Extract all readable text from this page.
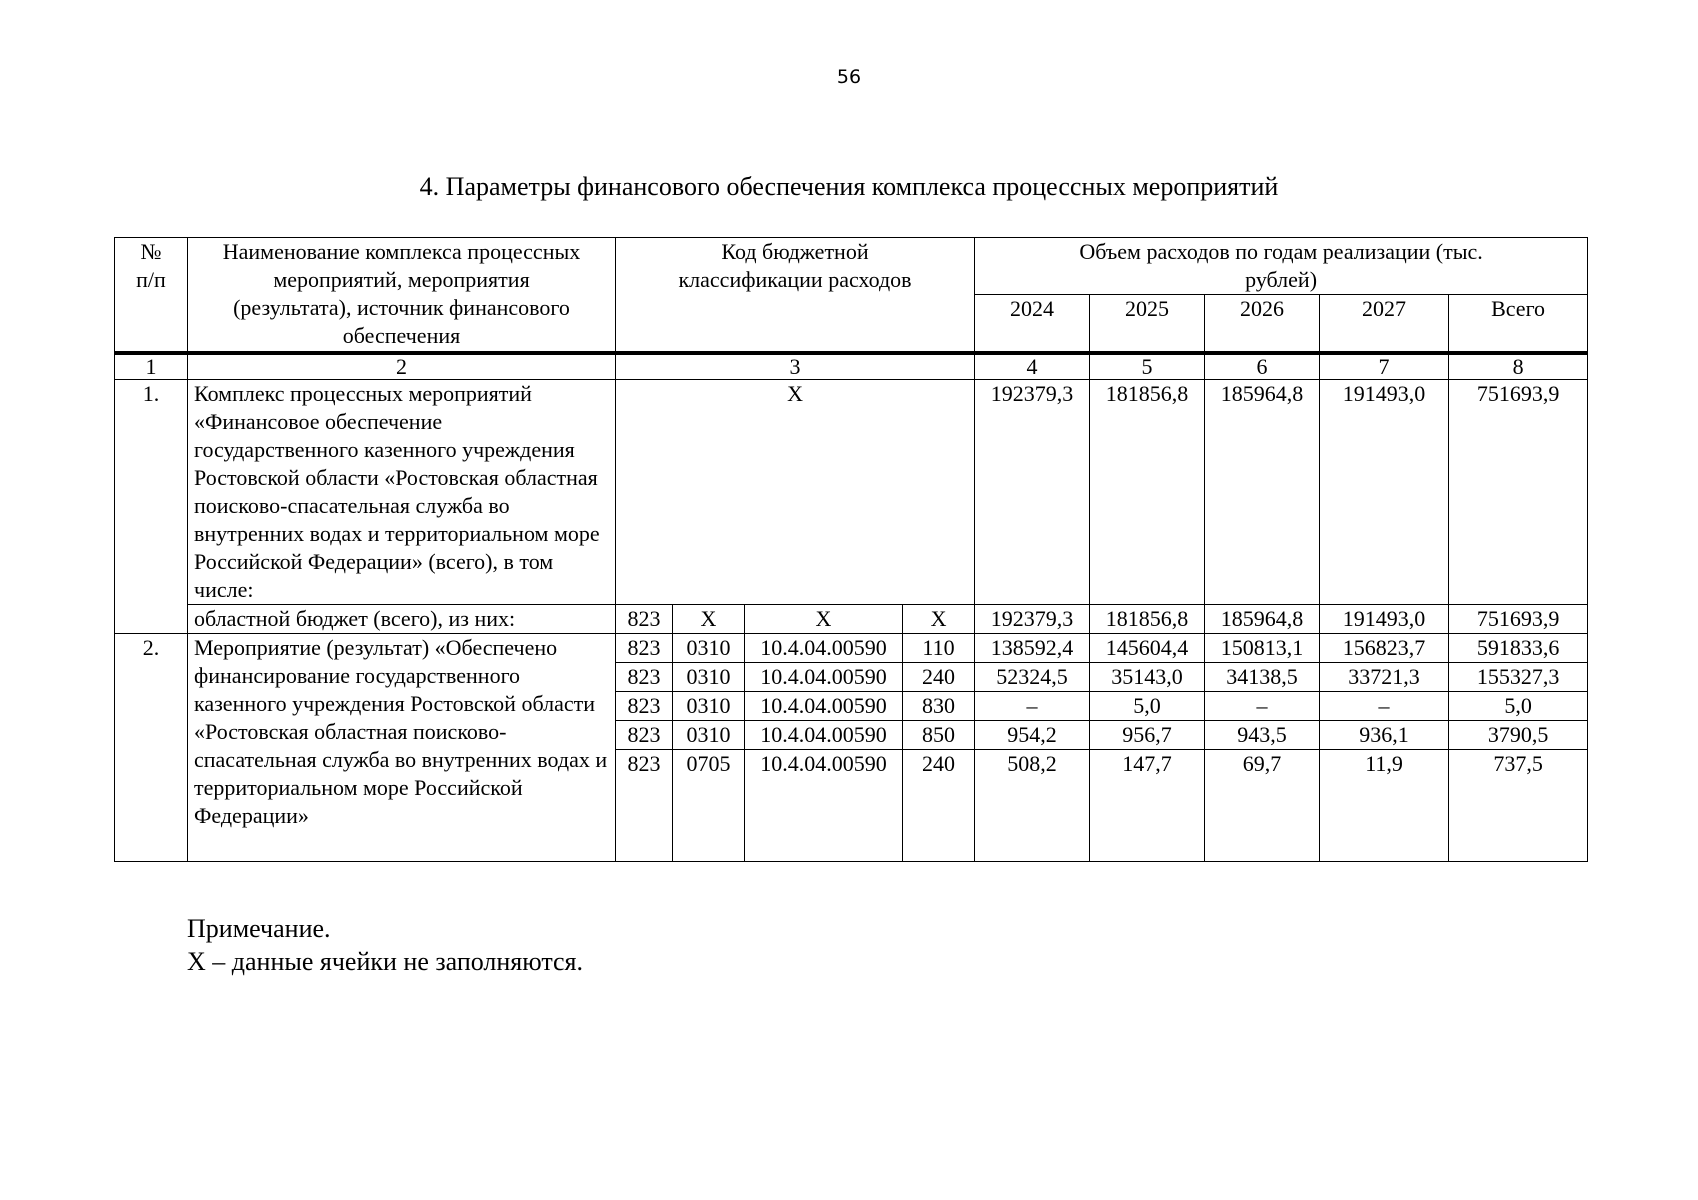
56
4. Параметры финансового обеспечения комплекса процессных мероприятий
№ п/п	Наименование комплекса процессных мероприятий, мероприятия (результата), источник финансового обеспечения	Код бюджетной классификации расходов				Объем расходов по годам реализации (тыс. рублей)				
						2024	2025	2026	2027	Всего
1	2	3				4	5	6	7	8
1.	Комплекс процессных мероприятий «Финансовое обеспечение государственного казенного учреждения Ростовской области «Ростовская областная поисково-спасательная служба во внутренних водах и территориальном море Российской Федерации» (всего), в том числе:	X				192379,3	181856,8	185964,8	191493,0	751693,9
	областной бюджет (всего), из них:	823	X	X	X	192379,3	181856,8	185964,8	191493,0	751693,9
2.	Мероприятие (результат) «Обеспечено финансирование государственного казенного учреждения Ростовской области «Ростовская областная поисково-спасательная служба во внутренних водах и территориальном море Российской Федерации»	823	0310	10.4.04.00590	110	138592,4	145604,4	150813,1	156823,7	591833,6
		823	0310	10.4.04.00590	240	52324,5	35143,0	34138,5	33721,3	155327,3
		823	0310	10.4.04.00590	830	–	5,0	–	–	5,0
		823	0310	10.4.04.00590	850	954,2	956,7	943,5	936,1	3790,5
		823	0705	10.4.04.00590	240	508,2	147,7	69,7	11,9	737,5
Примечание.
X – данные ячейки не заполняются.
